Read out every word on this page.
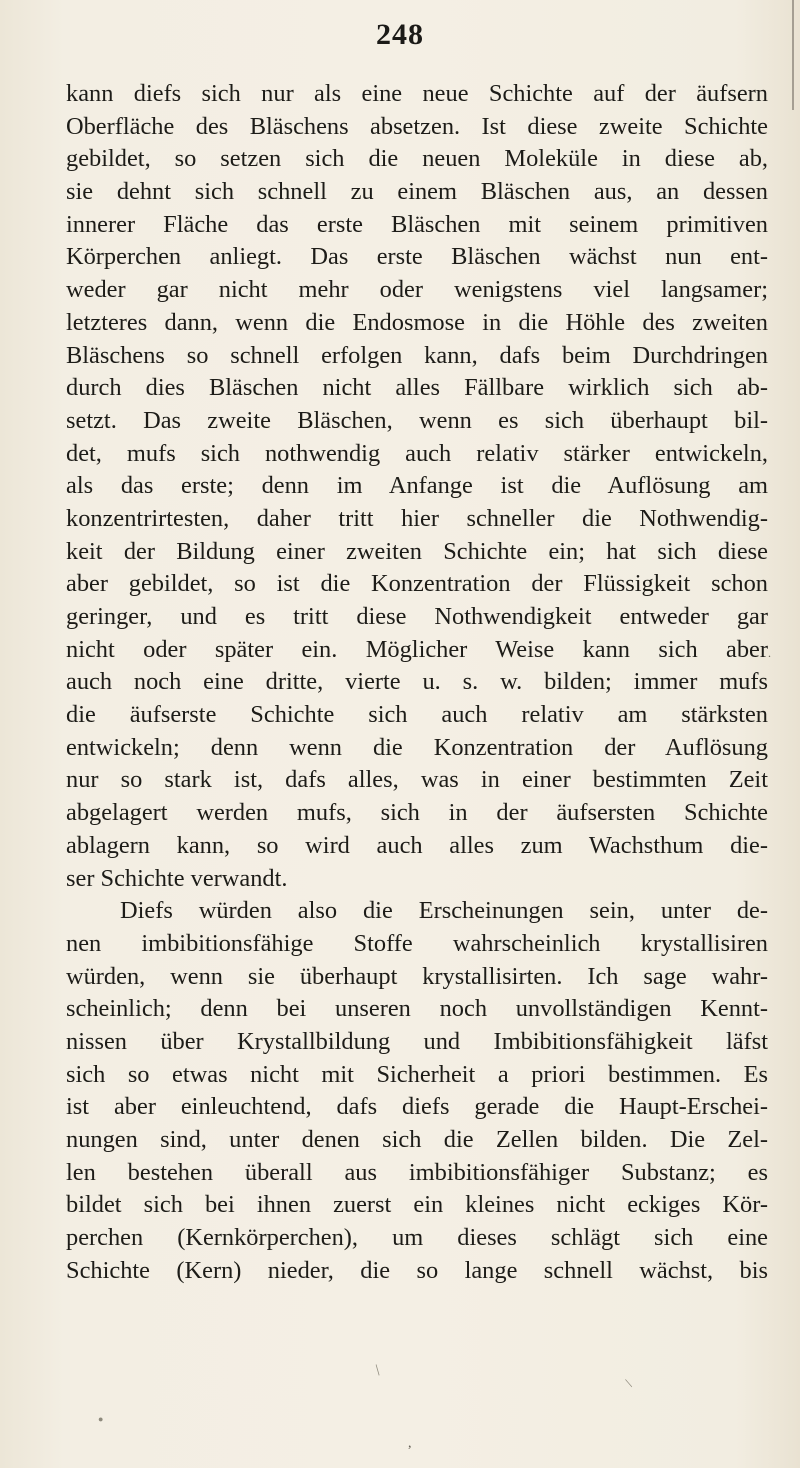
248
kann diefs sich nur als eine neue Schichte auf der äufsern
Oberfläche des Bläschens absetzen. Ist diese zweite Schichte
gebildet, so setzen sich die neuen Moleküle in diese ab,
sie dehnt sich schnell zu einem Bläschen aus, an dessen
innerer Fläche das erste Bläschen mit seinem primitiven
Körperchen anliegt. Das erste Bläschen wächst nun ent-
weder gar nicht mehr oder wenigstens viel langsamer;
letzteres dann, wenn die Endosmose in die Höhle des zweiten
Bläschens so schnell erfolgen kann, dafs beim Durchdringen
durch dies Bläschen nicht alles Fällbare wirklich sich ab-
setzt. Das zweite Bläschen, wenn es sich überhaupt bil-
det, mufs sich nothwendig auch relativ stärker entwickeln,
als das erste; denn im Anfange ist die Auflösung am
konzentrirtesten, daher tritt hier schneller die Nothwendig-
keit der Bildung einer zweiten Schichte ein; hat sich diese
aber gebildet, so ist die Konzentration der Flüssigkeit schon
geringer, und es tritt diese Nothwendigkeit entweder gar
nicht oder später ein. Möglicher Weise kann sich aber
auch noch eine dritte, vierte u. s. w. bilden; immer mufs
die äufserste Schichte sich auch relativ am stärksten
entwickeln; denn wenn die Konzentration der Auflösung
nur so stark ist, dafs alles, was in einer bestimmten Zeit
abgelagert werden mufs, sich in der äufsersten Schichte
ablagern kann, so wird auch alles zum Wachsthum die-
ser Schichte verwandt.
Diefs würden also die Erscheinungen sein, unter de-
nen imbibitionsfähige Stoffe wahrscheinlich krystallisiren
würden, wenn sie überhaupt krystallisirten. Ich sage wahr-
scheinlich; denn bei unseren noch unvollständigen Kennt-
nissen über Krystallbildung und Imbibitionsfähigkeit läfst
sich so etwas nicht mit Sicherheit a priori bestimmen. Es
ist aber einleuchtend, dafs diefs gerade die Haupt-Erschei-
nungen sind, unter denen sich die Zellen bilden. Die Zel-
len bestehen überall aus imbibitionsfähiger Substanz; es
bildet sich bei ihnen zuerst ein kleines nicht eckiges Kör-
perchen (Kernkörperchen), um dieses schlägt sich eine
Schichte (Kern) nieder, die so lange schnell wächst, bis
/
●
/
,
.
